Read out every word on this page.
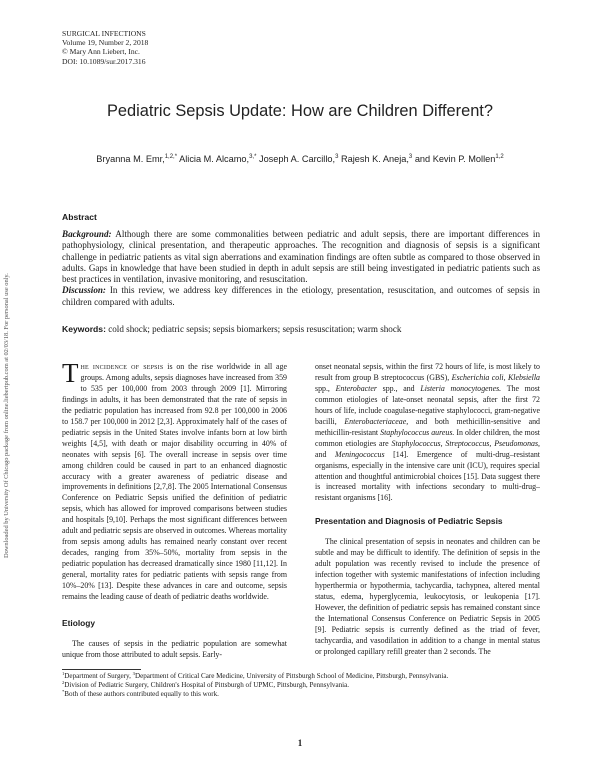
SURGICAL INFECTIONS
Volume 19, Number 2, 2018
© Mary Ann Liebert, Inc.
DOI: 10.1089/sur.2017.316
Pediatric Sepsis Update: How are Children Different?
Bryanna M. Emr,$^{1,2,*}$ Alicia M. Alcamo,$^{3,*}$ Joseph A. Carcillo,$^3$ Rajesh K. Aneja,$^3$ and Kevin P. Mollen$^{1,2}$
Abstract

Background: Although there are some commonalities between pediatric and adult sepsis, there are important differences in pathophysiology, clinical presentation, and therapeutic approaches. The recognition and diagnosis of sepsis is a significant challenge in pediatric patients as vital sign aberrations and examination findings are often subtle as compared to those observed in adults. Gaps in knowledge that have been studied in depth in adult sepsis are still being investigated in pediatric patients such as best practices in ventilation, invasive monitoring, and resuscitation.

Discussion: In this review, we address key differences in the etiology, presentation, resuscitation, and outcomes of sepsis in children compared with adults.

Keywords: cold shock; pediatric sepsis; sepsis biomarkers; sepsis resuscitation; warm shock

The incidence of sepsis is on the rise worldwide in all age groups. Among adults, sepsis diagnoses have increased from 359 to 535 per 100,000 from 2003 through 2009 [1]. Mirroring findings in adults, it has been demonstrated that the rate of sepsis in the pediatric population has increased from 92.8 per 100,000 in 2006 to 158.7 per 100,000 in 2012 [2,3]. Approximately half of the cases of pediatric sepsis in the United States involve infants born at low birth weights [4,5], with death or major disability occurring in 40% of neonates with sepsis [6]. The overall increase in sepsis over time among children could be caused in part to an enhanced diagnostic accuracy with a greater awareness of pediatric disease and improvements in definitions [2,7,8]. The 2005 International Consensus Conference on Pediatric Sepsis unified the definition of pediatric sepsis, which has allowed for improved comparisons between studies and hospitals [9,10]. Perhaps the most significant differences between adult and pediatric sepsis are observed in outcomes. Whereas mortality from sepsis among adults has remained nearly constant over recent decades, ranging from 35%–50%, mortality from sepsis in the pediatric population has decreased dramatically since 1980 [11,12]. In general, mortality rates for pediatric patients with sepsis range from 10%–20% [13]. Despite these advances in care and outcome, sepsis remains the leading cause of death of pediatric deaths worldwide.

Etiology

The causes of sepsis in the pediatric population are somewhat unique from those attributed to adult sepsis. Early-

onset neonatal sepsis, within the first 72 hours of life, is most likely to result from group B streptococcus (GBS), Escherichia coli, Klebsiella spp., Enterobacter spp., and Listeria monocytogenes. The most common etiologies of late-onset neonatal sepsis, after the first 72 hours of life, include coagulase-negative staphylococci, gram-negative bacilli, Enterobacteriaceae, and both methicillin-sensitive and methicillin-resistant Staphylococcus aureus. In older children, the most common etiologies are Staphylococcus, Streptococcus, Pseudomonas, and Meningococcus [14]. Emergence of multi-drug–resistant organisms, especially in the intensive care unit (ICU), requires special attention and thoughtful antimicrobial choices [15]. Data suggest there is increased mortality with infections secondary to multi-drug–resistant organisms [16].

Presentation and Diagnosis of Pediatric Sepsis

The clinical presentation of sepsis in neonates and children can be subtle and may be difficult to identify. The definition of sepsis in the adult population was recently revised to include the presence of infection together with systemic manifestations of infection including hyperthermia or hypothermia, tachycardia, tachypnea, altered mental status, edema, hyperglycemia, leukocytosis, or leukopenia [17]. However, the definition of pediatric sepsis has remained constant since the International Consensus Conference on Pediatric Sepsis in 2005 [9]. Pediatric sepsis is currently defined as the triad of fever, tachycardia, and vasodilation in addition to a change in mental status or prolonged capillary refill greater than 2 seconds. The

$^1$Department of Surgery, $^3$Department of Critical Care Medicine, University of Pittsburgh School of Medicine, Pittsburgh, Pennsylvania.
$^2$Division of Pediatric Surgery, Children's Hospital of Pittsburgh of UPMC, Pittsburgh, Pennsylvania.
*Both of these authors contributed equally to this work.
1
Downloaded by University Of Chicago package from online.liebertpub.com at 02/03/18. For personal use only.
